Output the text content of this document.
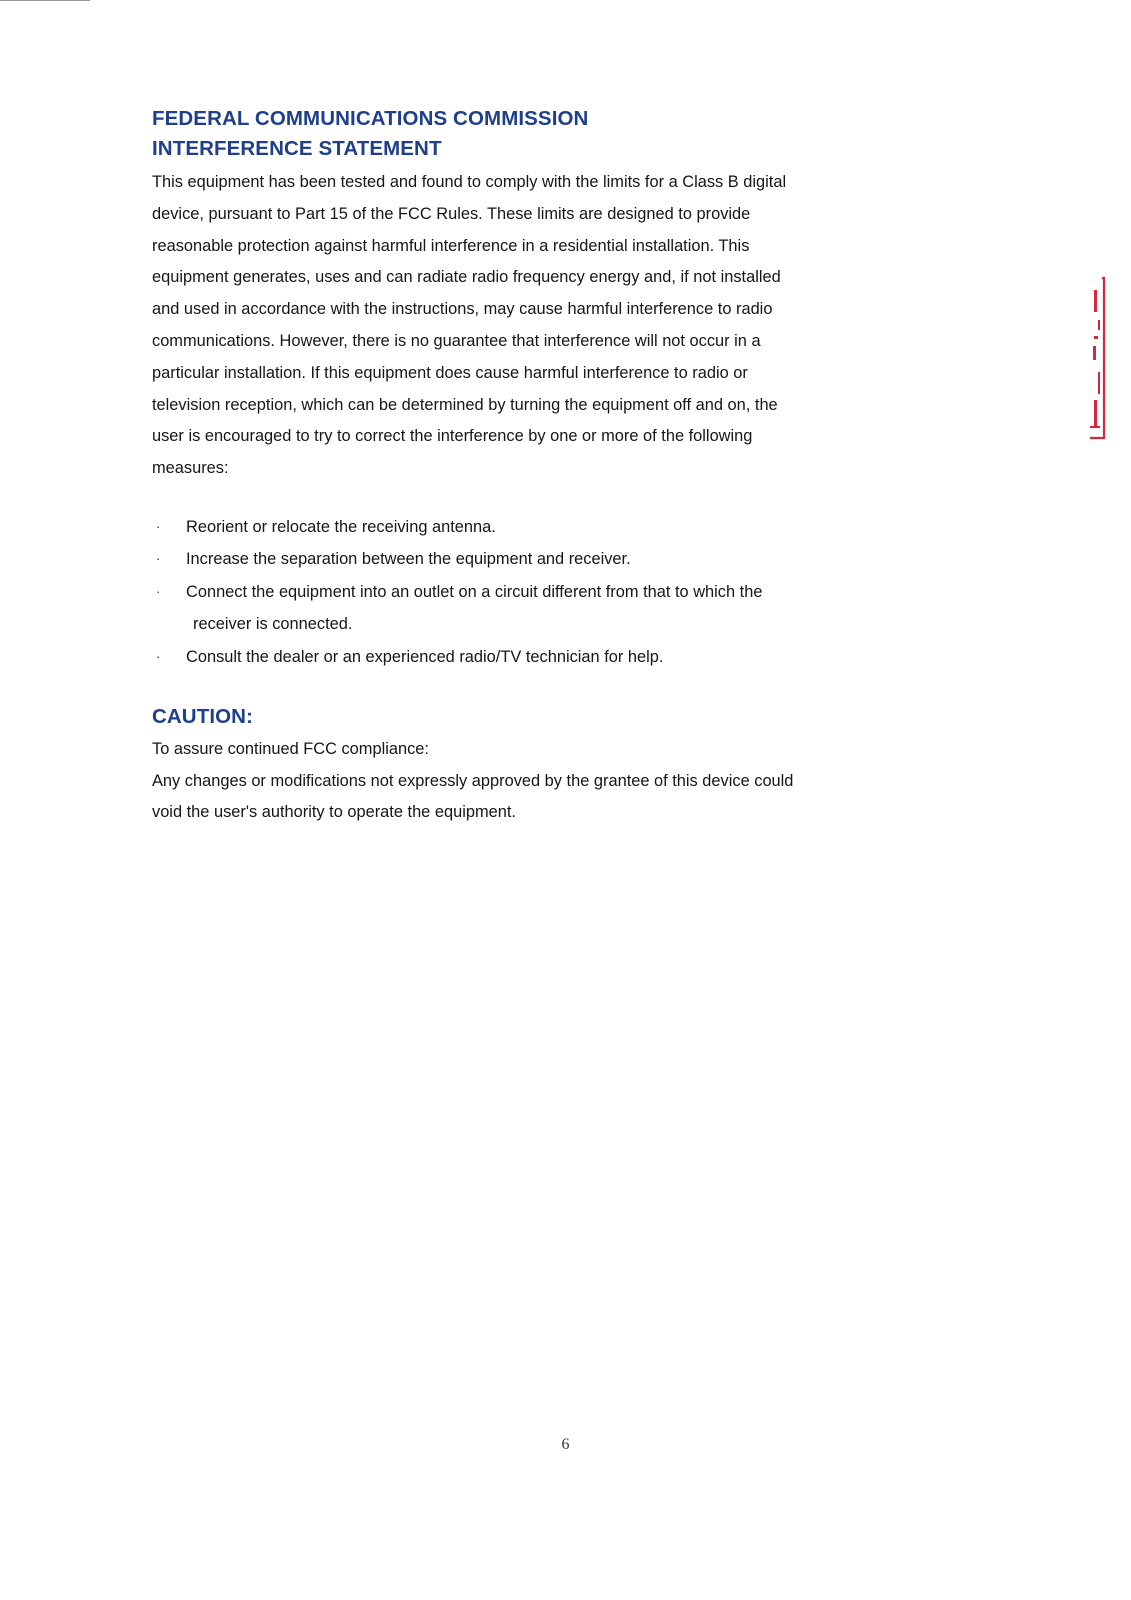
FEDERAL COMMUNICATIONS COMMISSION
INTERFERENCE STATEMENT

This equipment has been tested and found to comply with the limits for a Class B digital
device, pursuant to Part 15 of the FCC Rules. These limits are designed to provide
reasonable protection against harmful interference in a residential installation. This
equipment generates, uses and can radiate radio frequency energy and, if not installed
and used in accordance with the instructions, may cause harmful interference to radio
communications. However, there is no guarantee that interference will not occur in a
particular installation. If this equipment does cause harmful interference to radio or
television reception, which can be determined by turning the equipment off and on, the
user is encouraged to try to correct the interference by one or more of the following
measures:

· Reorient or relocate the receiving antenna.
· Increase the separation between the equipment and receiver.
· Connect the equipment into an outlet on a circuit different from that to which the
receiver is connected.
· Consult the dealer or an experienced radio/TV technician for help.
CAUTION:

To assure continued FCC compliance:

Any changes or modifications not expressly approved by the grantee of this device could
void the user's authority to operate the equipment.

6
